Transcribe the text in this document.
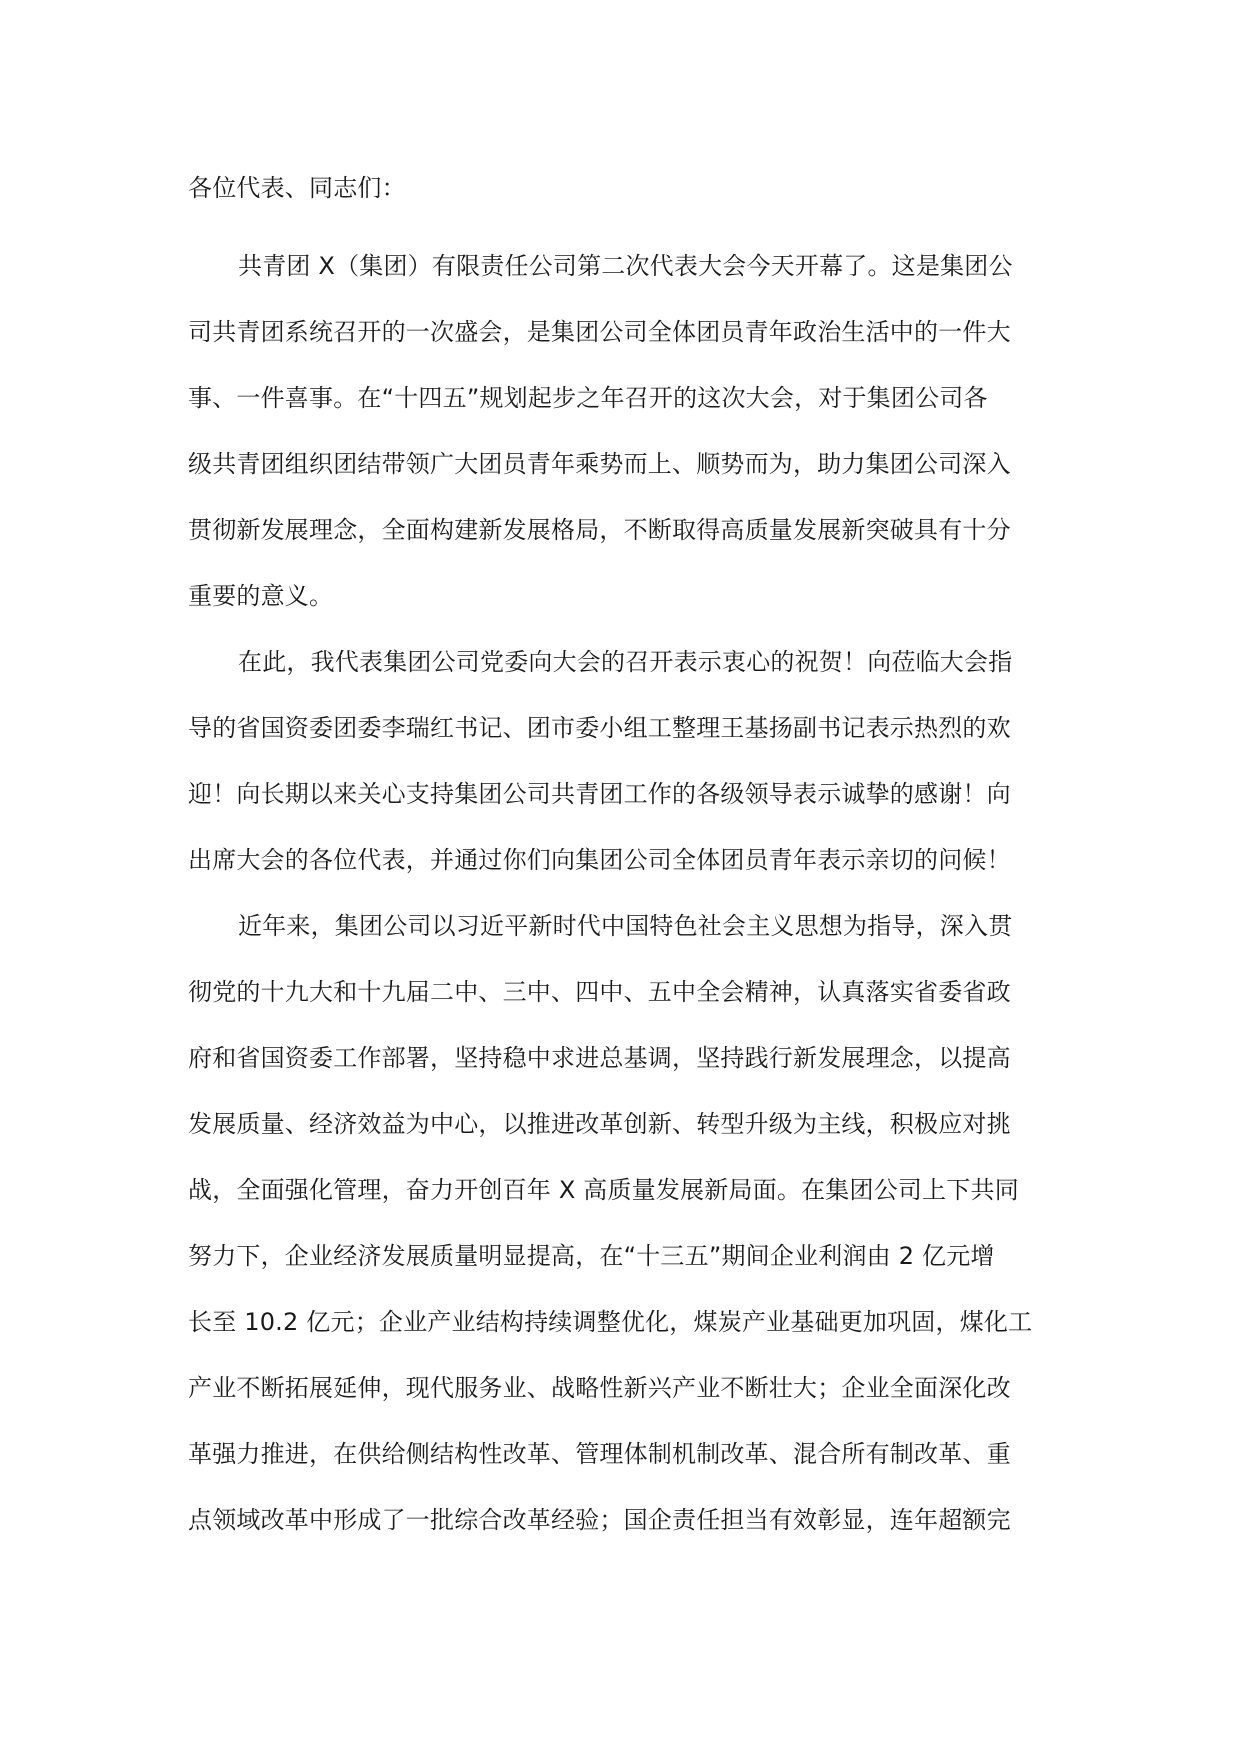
各位代表、同志们：
共青团 X（集团）有限责任公司第二次代表大会今天开幕了。这是集团公
司共青团系统召开的一次盛会，是集团公司全体团员青年政治生活中的一件大
事、一件喜事。在“十四五”规划起步之年召开的这次大会，对于集团公司各
级共青团组织团结带领广大团员青年乘势而上、顺势而为，助力集团公司深入
贯彻新发展理念，全面构建新发展格局，不断取得高质量发展新突破具有十分
重要的意义。
在此，我代表集团公司党委向大会的召开表示衷心的祝贺！向莅临大会指
导的省国资委团委李瑞红书记、团市委小组工整理王基扬副书记表示热烈的欢
迎！向长期以来关心支持集团公司共青团工作的各级领导表示诚挚的感谢！向
出席大会的各位代表，并通过你们向集团公司全体团员青年表示亲切的问候！
近年来，集团公司以习近平新时代中国特色社会主义思想为指导，深入贯
彻党的十九大和十九届二中、三中、四中、五中全会精神，认真落实省委省政
府和省国资委工作部署，坚持稳中求进总基调，坚持践行新发展理念，以提高
发展质量、经济效益为中心，以推进改革创新、转型升级为主线，积极应对挑
战，全面强化管理，奋力开创百年 X 高质量发展新局面。在集团公司上下共同
努力下，企业经济发展质量明显提高，在“十三五”期间企业利润由 2 亿元增
长至 10.2 亿元；企业产业结构持续调整优化，煤炭产业基础更加巩固，煤化工
产业不断拓展延伸，现代服务业、战略性新兴产业不断壮大；企业全面深化改
革强力推进，在供给侧结构性改革、管理体制机制改革、混合所有制改革、重
点领域改革中形成了一批综合改革经验；国企责任担当有效彰显，连年超额完
